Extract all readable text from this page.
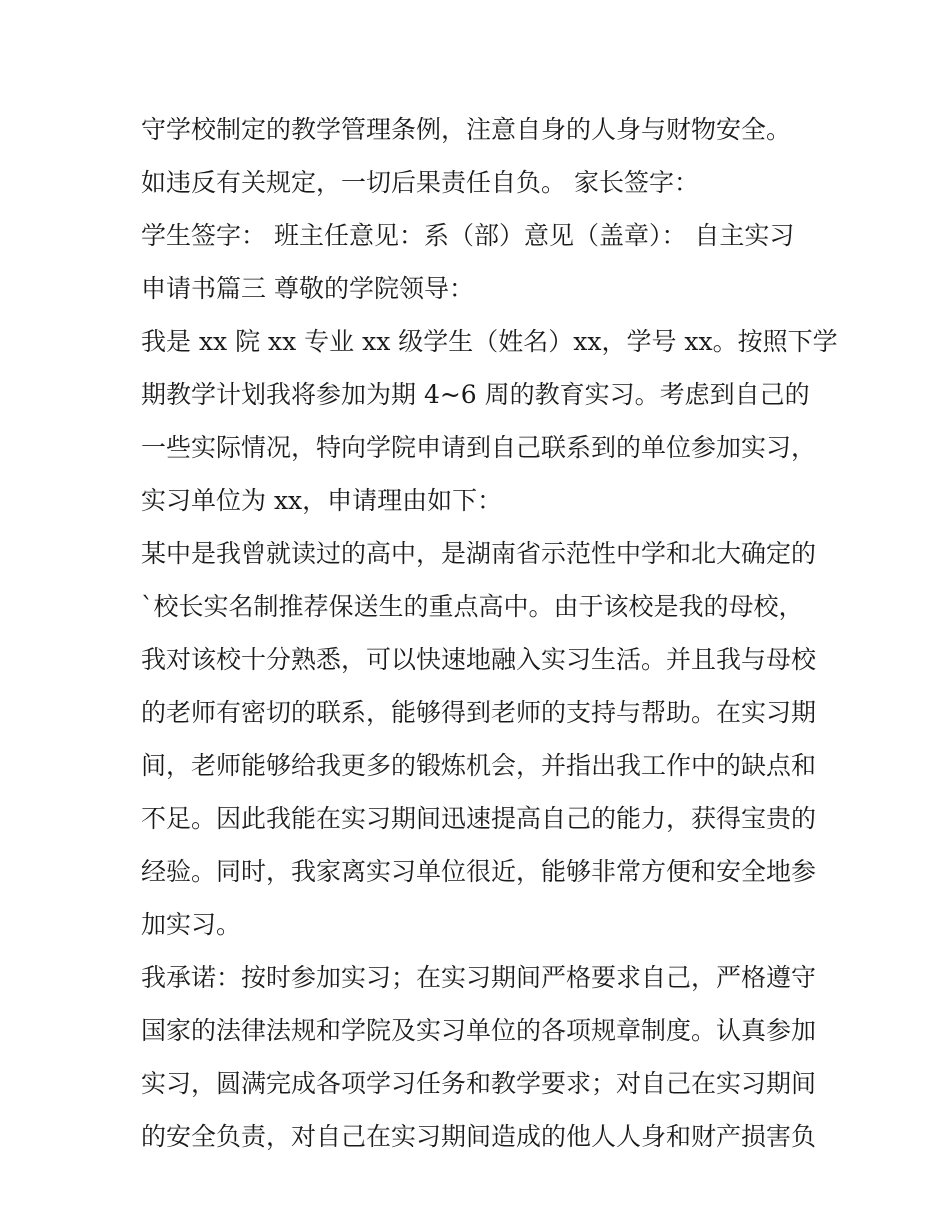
守学校制定的教学管理条例，注意自身的人身与财物安全。
如违反有关规定，一切后果责任自负。 家长签字：
学生签字： 班主任意见：系（部）意见（盖章）： 自主实习
申请书篇三 尊敬的学院领导：
我是 xx 院 xx 专业 xx 级学生（姓名）xx，学号 xx。按照下学
期教学计划我将参加为期 4~6 周的教育实习。考虑到自己的
一些实际情况，特向学院申请到自己联系到的单位参加实习，
实习单位为 xx，申请理由如下：
某中是我曾就读过的高中，是湖南省示范性中学和北大确定的
`校长实名制推荐保送生的重点高中。由于该校是我的母校，
我对该校十分熟悉，可以快速地融入实习生活。并且我与母校
的老师有密切的联系，能够得到老师的支持与帮助。在实习期
间，老师能够给我更多的锻炼机会，并指出我工作中的缺点和
不足。因此我能在实习期间迅速提高自己的能力，获得宝贵的
经验。同时，我家离实习单位很近，能够非常方便和安全地参
加实习。
我承诺：按时参加实习；在实习期间严格要求自己，严格遵守
国家的法律法规和学院及实习单位的各项规章制度。认真参加
实习，圆满完成各项学习任务和教学要求；对自己在实习期间
的安全负责，对自己在实习期间造成的他人人身和财产损害负
